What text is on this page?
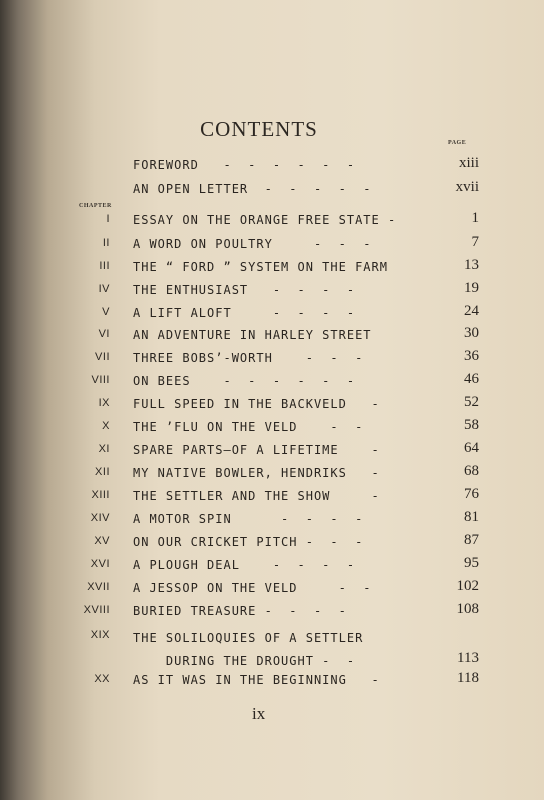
CONTENTS
PAGE
FOREWORD   -  -  -  -  -  -	xiii
AN OPEN LETTER  -  -  -  -  -	xvii
CHAPTER
I ESSAY ON THE ORANGE FREE STATE -	1
II A WORD ON POULTRY     -  -  -	7
III THE “ FORD ” SYSTEM ON THE FARM	13
IV THE ENTHUSIAST   -  -  -  -	19
V A LIFT ALOFT     -  -  -  -	24
VI AN ADVENTURE IN HARLEY STREET	30
VII THREE BOBS’-WORTH    -  -  -	36
VIII ON BEES    -  -  -  -  -  -	46
IX FULL SPEED IN THE BACKVELD   -	52
X THE ’FLU ON THE VELD    -  -	58
XI SPARE PARTS—OF A LIFETIME    -	64
XII MY NATIVE BOWLER, HENDRIKS   -	68
XIII THE SETTLER AND THE SHOW     -	76
XIV A MOTOR SPIN      -  -  -  -	81
XV ON OUR CRICKET PITCH -  -  -	87
XVI A PLOUGH DEAL    -  -  -  -	95
XVII A JESSOP ON THE VELD     -  -	102
XVIII BURIED TREASURE -  -  -  -	108
XIX THE SOLILOQUIES OF A SETTLER
DURING THE DROUGHT -  -	113
XX AS IT WAS IN THE BEGINNING   -	118
ix
